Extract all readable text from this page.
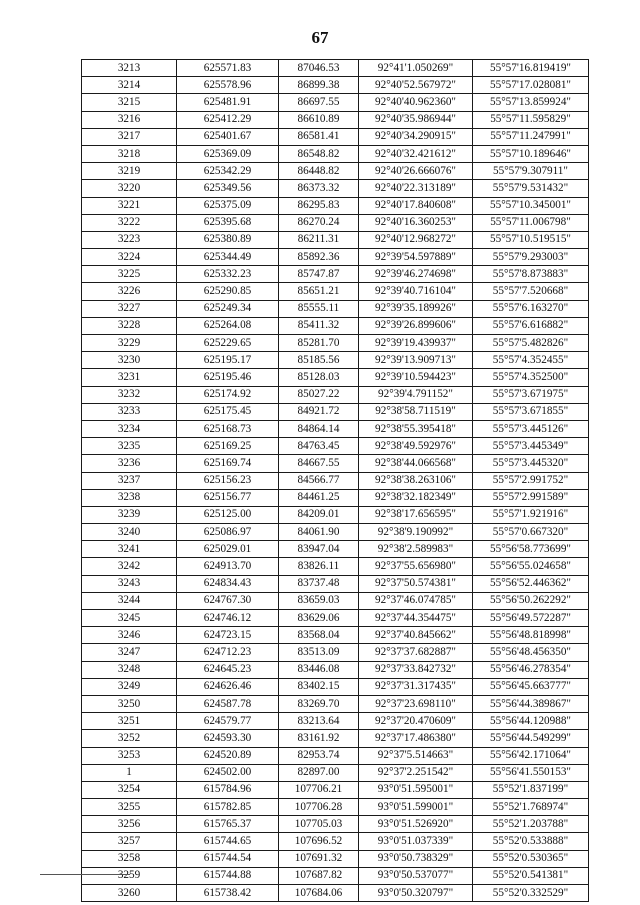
67
3213	625571.83	87046.53	92°41'1.050269"	55°57'16.819419"
3214	625578.96	86899.38	92°40'52.567972"	55°57'17.028081"
3215	625481.91	86697.55	92°40'40.962360"	55°57'13.859924"
3216	625412.29	86610.89	92°40'35.986944"	55°57'11.595829"
3217	625401.67	86581.41	92°40'34.290915"	55°57'11.247991"
3218	625369.09	86548.82	92°40'32.421612"	55°57'10.189646"
3219	625342.29	86448.82	92°40'26.666076"	55°57'9.307911"
3220	625349.56	86373.32	92°40'22.313189"	55°57'9.531432"
3221	625375.09	86295.83	92°40'17.840608"	55°57'10.345001"
3222	625395.68	86270.24	92°40'16.360253"	55°57'11.006798"
3223	625380.89	86211.31	92°40'12.968272"	55°57'10.519515"
3224	625344.49	85892.36	92°39'54.597889"	55°57'9.293003"
3225	625332.23	85747.87	92°39'46.274698"	55°57'8.873883"
3226	625290.85	85651.21	92°39'40.716104"	55°57'7.520668"
3227	625249.34	85555.11	92°39'35.189926"	55°57'6.163270"
3228	625264.08	85411.32	92°39'26.899606"	55°57'6.616882"
3229	625229.65	85281.70	92°39'19.439937"	55°57'5.482826"
3230	625195.17	85185.56	92°39'13.909713"	55°57'4.352455"
3231	625195.46	85128.03	92°39'10.594423"	55°57'4.352500"
3232	625174.92	85027.22	92°39'4.791152"	55°57'3.671975"
3233	625175.45	84921.72	92°38'58.711519"	55°57'3.671855"
3234	625168.73	84864.14	92°38'55.395418"	55°57'3.445126"
3235	625169.25	84763.45	92°38'49.592976"	55°57'3.445349"
3236	625169.74	84667.55	92°38'44.066568"	55°57'3.445320"
3237	625156.23	84566.77	92°38'38.263106"	55°57'2.991752"
3238	625156.77	84461.25	92°38'32.182349"	55°57'2.991589"
3239	625125.00	84209.01	92°38'17.656595"	55°57'1.921916"
3240	625086.97	84061.90	92°38'9.190992"	55°57'0.667320"
3241	625029.01	83947.04	92°38'2.589983"	55°56'58.773699"
3242	624913.70	83826.11	92°37'55.656980"	55°56'55.024658"
3243	624834.43	83737.48	92°37'50.574381"	55°56'52.446362"
3244	624767.30	83659.03	92°37'46.074785"	55°56'50.262292"
3245	624746.12	83629.06	92°37'44.354475"	55°56'49.572287"
3246	624723.15	83568.04	92°37'40.845662"	55°56'48.818998"
3247	624712.23	83513.09	92°37'37.682887"	55°56'48.456350"
3248	624645.23	83446.08	92°37'33.842732"	55°56'46.278354"
3249	624626.46	83402.15	92°37'31.317435"	55°56'45.663777"
3250	624587.78	83269.70	92°37'23.698110"	55°56'44.389867"
3251	624579.77	83213.64	92°37'20.470609"	55°56'44.120988"
3252	624593.30	83161.92	92°37'17.486380"	55°56'44.549299"
3253	624520.89	82953.74	92°37'5.514663"	55°56'42.171064"
1	624502.00	82897.00	92°37'2.251542"	55°56'41.550153"
3254	615784.96	107706.21	93°0'51.595001"	55°52'1.837199"
3255	615782.85	107706.28	93°0'51.599001"	55°52'1.768974"
3256	615765.37	107705.03	93°0'51.526920"	55°52'1.203788"
3257	615744.65	107696.52	93°0'51.037339"	55°52'0.533888"
3258	615744.54	107691.32	93°0'50.738329"	55°52'0.530365"
3259	615744.88	107687.82	93°0'50.537077"	55°52'0.541381"
3260	615738.42	107684.06	93°0'50.320797"	55°52'0.332529"
